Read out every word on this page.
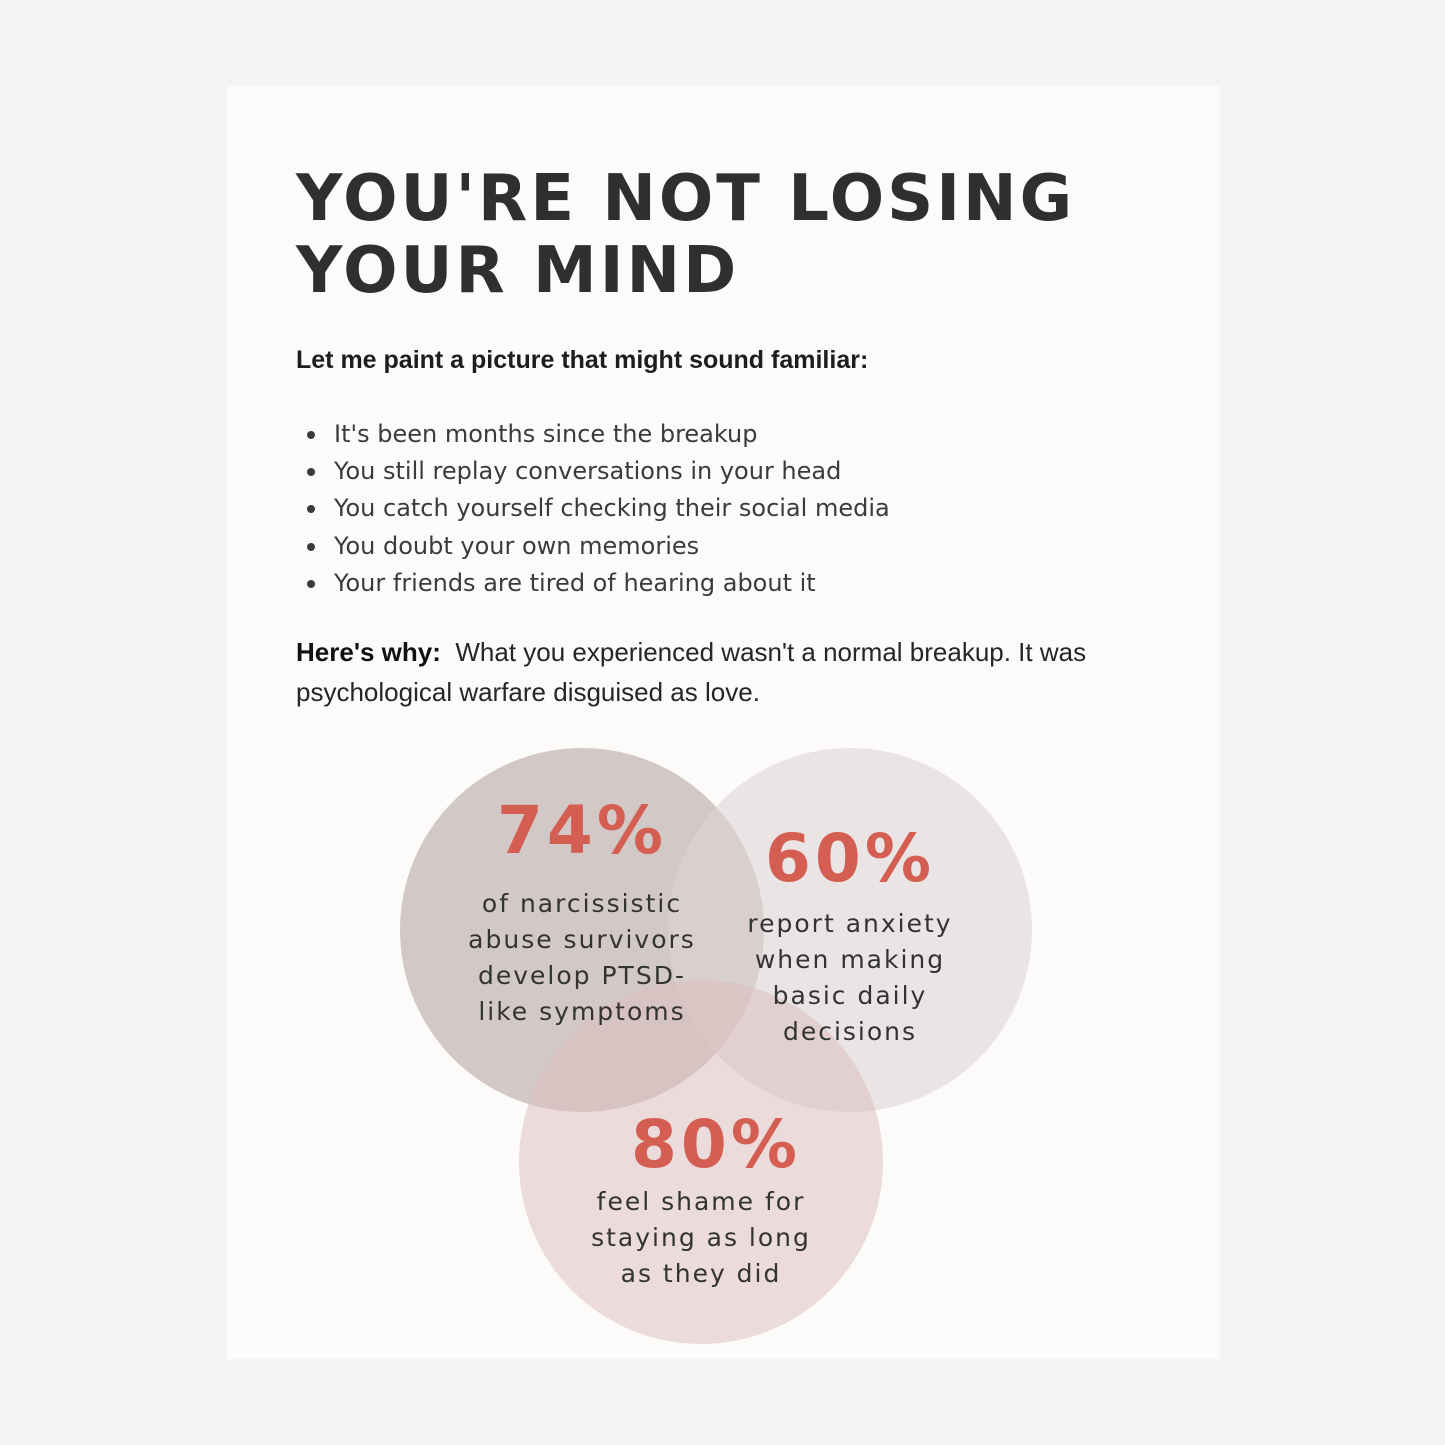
YOU'RE NOT LOSING
YOUR MIND

Let me paint a picture that might sound familiar:

It's been months since the breakup
You still replay conversations in your head
You catch yourself checking their social media
You doubt your own memories
Your friends are tired of hearing about it

Here's why: What you experienced wasn't a normal breakup. It was psychological warfare disguised as love.

74%
of narcissistic
abuse survivors
develop PTSD-
like symptoms
60%
report anxiety
when making
basic daily
decisions
80%
feel shame for
staying as long
as they did
